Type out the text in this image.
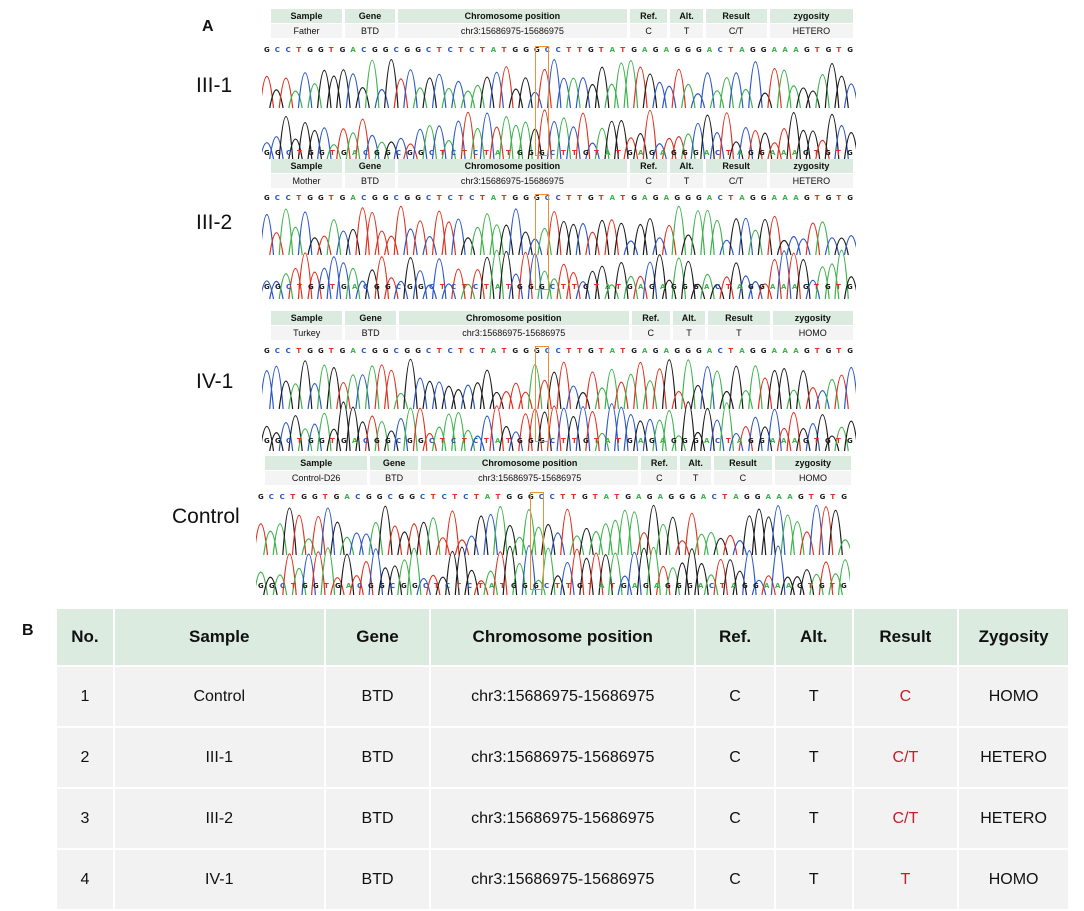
A
III-1
Sample	Gene	Chromosome position	Ref.	Alt.	Result	zygosity
Father	BTD	chr3:15686975-15686975	C	T	C/T	HETERO
G C C T G G T G A C G G C G G C T C T C T A T G G G C C T T G T A T G A G A G G G A C T A G G A A A G T G T G
G G C T G G T G A C G G C G G C T C T C T A T G G G C T T G T A T G A G A G G G A C T A G G A A A G T G T G
III-2
Sample	Gene	Chromosome position	Ref.	Alt.	Result	zygosity
Mother	BTD	chr3:15686975-15686975	C	T	C/T	HETERO
G C C T G G T G A C G G C G G C T C T C T A T G G G C C T T G T A T G A G A G G G A C T A G G A A A G T G T G
G G C T G G T G A C G G C G G C T C T C T A T G G G C T T G T A T G A G A G G G A C T A G G A A A G T G T G
IV-1
Sample	Gene	Chromosome position	Ref.	Alt.	Result	zygosity
Turkey	BTD	chr3:15686975-15686975	C	T	T	HOMO
G C C T G G T G A C G G C G G C T C T C T A T G G G C C T T G T A T G A G A G G G A C T A G G A A A G T G T G
G G C T G G T G A C G G C G G C T C T C T A T G G G C T T G T A T G A G A G G G A C T A G G A A A G T G T G
Control
Sample	Gene	Chromosome position	Ref.	Alt.	Result	zygosity
Control-D26	BTD	chr3:15686975-15686975	C	T	C	HOMO
G C C T G G T G A C G G C G G C T C T C T A T G G G C C T T G T A T G A G A G G G A C T A G G A A A G T G T G
G G C T G G T G A C G G C G G C T C T C T A T G G G C T T G T A T G A G A G G G A C T A G G A A A G T G T G
B No.	Sample	Gene	Chromosome position	Ref.	Alt.	Result	Zygosity
1	Control	BTD	chr3:15686975-15686975	C	T	C	HOMO
2	III-1	BTD	chr3:15686975-15686975	C	T	C/T	HETERO
3	III-2	BTD	chr3:15686975-15686975	C	T	C/T	HETERO
4	IV-1	BTD	chr3:15686975-15686975	C	T	T	HOMO
